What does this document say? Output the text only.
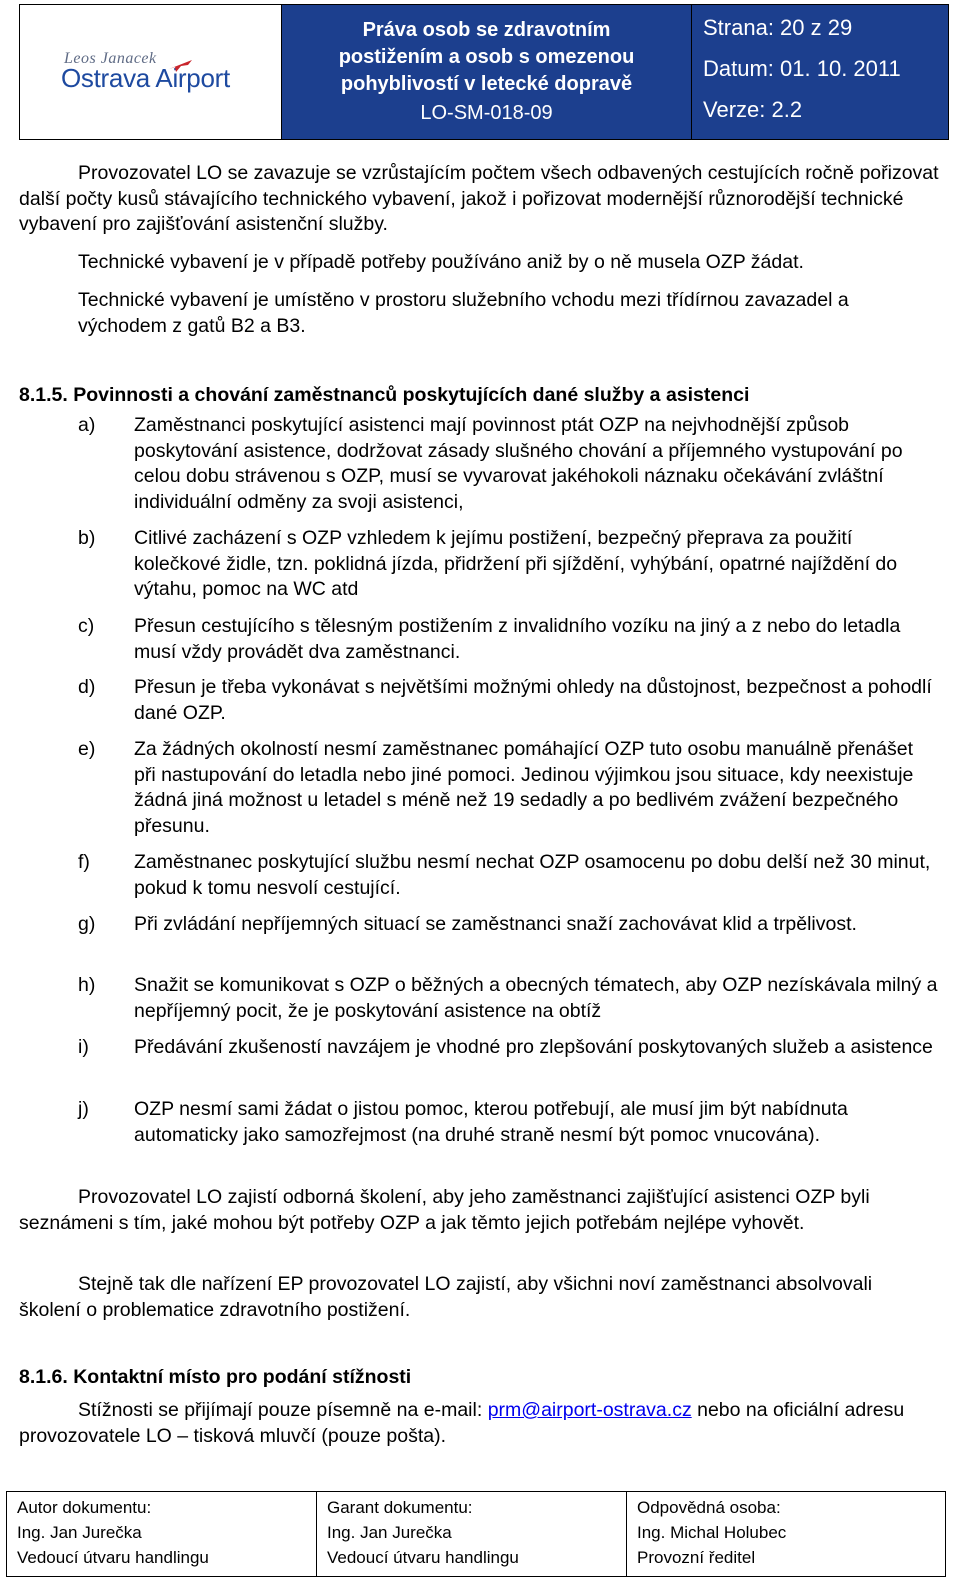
Leos Janacek
Ostrava Airport
Práva osob se zdravotním
postižením a osob s omezenou
pohyblivostí v letecké dopravě
LO-SM-018-09
Strana: 20 z 29
Datum: 01. 10. 2011
Verze: 2.2

Provozovatel LO se zavazuje se vzrůstajícím počtem všech odbavených cestujících ročně pořizovat další počty kusů stávajícího technického vybavení, jakož i pořizovat modernější různorodější technické vybavení pro zajišťování asistenční služby.

Technické vybavení je v případě potřeby používáno aniž by o ně musela OZP žádat.

Technické vybavení je umístěno v prostoru služebního vchodu mezi třídírnou zavazadel a východem z gatů B2 a B3.

8.1.5. Povinnosti a chování zaměstnanců poskytujících dané služby a asistenci
a)	Zaměstnanci poskytující asistenci mají povinnost ptát OZP na nejvhodnější způsob poskytování asistence, dodržovat zásady slušného chování a příjemného vystupování po celou dobu strávenou s OZP, musí se vyvarovat jakéhokoli náznaku očekávání zvláštní individuální odměny za svoji asistenci,
b)	Citlivé zacházení s OZP vzhledem k jejímu postižení, bezpečný přeprava za použití kolečkové židle, tzn. poklidná jízda, přidržení při sjíždění, vyhýbání, opatrné najíždění do výtahu, pomoc na WC atd
c)	Přesun cestujícího s tělesným postižením z invalidního vozíku na jiný a z nebo do letadla musí vždy provádět dva zaměstnanci.
d)	Přesun je třeba vykonávat s největšími možnými ohledy na důstojnost, bezpečnost a pohodlí dané OZP.
e)	Za žádných okolností nesmí zaměstnanec pomáhající OZP tuto osobu manuálně přenášet při nastupování do letadla nebo jiné pomoci. Jedinou výjimkou jsou situace, kdy neexistuje žádná jiná možnost u letadel s méně než 19 sedadly a po bedlivém zvážení bezpečného přesunu.
f)	Zaměstnanec poskytující službu nesmí nechat OZP osamocenu po dobu delší než 30 minut, pokud k tomu nesvolí cestující.
g)	Při zvládání nepříjemných situací se zaměstnanci snaží zachovávat klid a trpělivost.
h)	Snažit se komunikovat s OZP o běžných a obecných tématech, aby OZP nezískávala milný a nepříjemný pocit, že je poskytování asistence na obtíž
i)	Předávání zkušeností navzájem je vhodné pro zlepšování poskytovaných služeb a asistence
j)	OZP nesmí sami žádat o jistou pomoc, kterou potřebují, ale musí jim být nabídnuta automaticky jako samozřejmost (na druhé straně nesmí být pomoc vnucována).

Provozovatel LO zajistí odborná školení, aby jeho zaměstnanci zajišťující asistenci OZP byli seznámeni s tím, jaké mohou být potřeby OZP a jak těmto jejich potřebám nejlépe vyhovět.

Stejně tak dle nařízení EP provozovatel LO zajistí, aby všichni noví zaměstnanci absolvovali školení o problematice zdravotního postižení.

8.1.6. Kontaktní místo pro podání stížnosti

Stížnosti se přijímají pouze písemně na e-mail: prm@airport-ostrava.cz nebo na oficiální adresu provozovatele LO – tisková mluvčí (pouze pošta).

Autor dokumentu:
Ing. Jan Jurečka
Vedoucí útvaru handlingu
Garant dokumentu:
Ing. Jan Jurečka
Vedoucí útvaru handlingu
Odpovědná osoba:
Ing. Michal Holubec
Provozní ředitel
